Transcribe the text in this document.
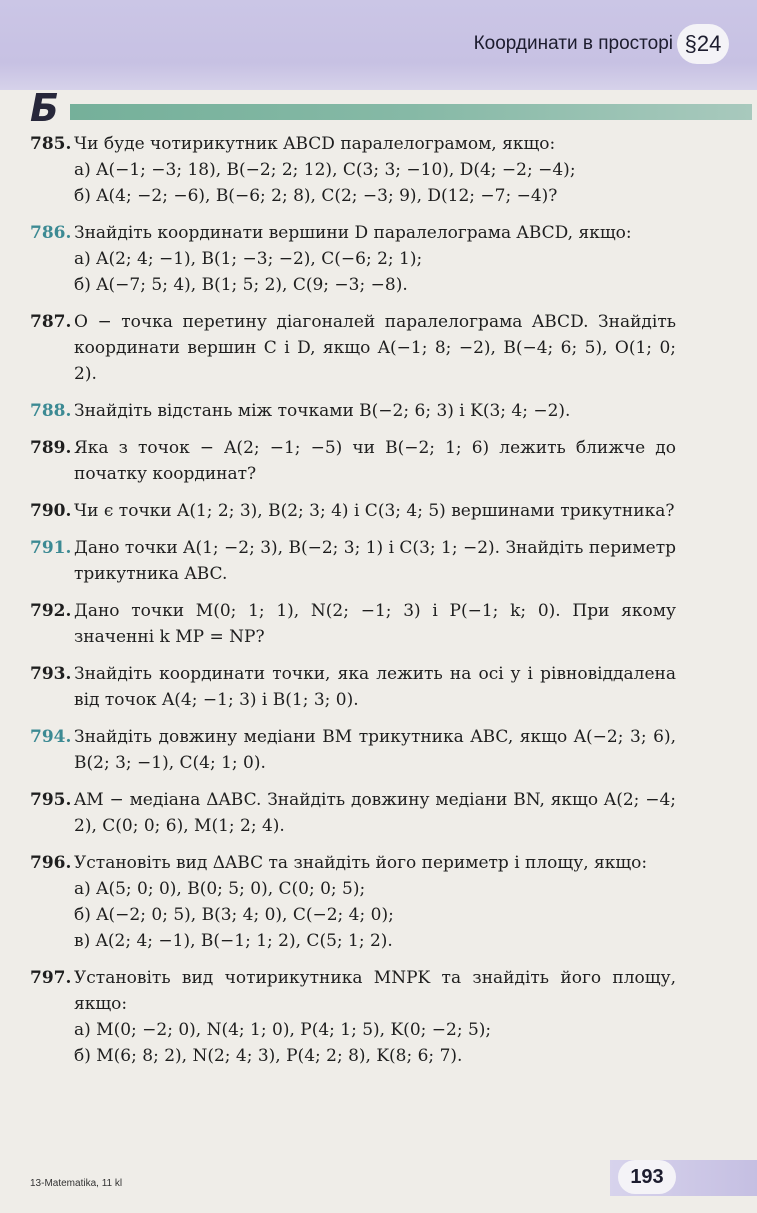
Координати в просторі §24
Б
785. Чи буде чотирикутник ABCD паралелограмом, якщо:
а) A(−1; −3; 18), B(−2; 2; 12), C(3; 3; −10), D(4; −2; −4);
б) A(4; −2; −6), B(−6; 2; 8), C(2; −3; 9), D(12; −7; −4)?
786. Знайдіть координати вершини D паралелограма ABCD, якщо:
а) A(2; 4; −1), B(1; −3; −2), C(−6; 2; 1);
б) A(−7; 5; 4), B(1; 5; 2), C(9; −3; −8).
787. O − точка перетину діагоналей паралелограма ABCD. Знайдіть координати вершин C і D, якщо A(−1; 8; −2), B(−4; 6; 5), O(1; 0; 2).
788. Знайдіть відстань між точками B(−2; 6; 3) і K(3; 4; −2).
789. Яка з точок − A(2; −1; −5) чи B(−2; 1; 6) лежить ближче до початку координат?
790. Чи є точки A(1; 2; 3), B(2; 3; 4) і C(3; 4; 5) вершинами трикутника?
791. Дано точки A(1; −2; 3), B(−2; 3; 1) і C(3; 1; −2). Знайдіть периметр трикутника ABC.
792. Дано точки M(0; 1; 1), N(2; −1; 3) і P(−1; k; 0). При якому значенні k MP = NP?
793. Знайдіть координати точки, яка лежить на осі y і рівновіддалена від точок A(4; −1; 3) і B(1; 3; 0).
794. Знайдіть довжину медіани BM трикутника ABC, якщо A(−2; 3; 6), B(2; 3; −1), C(4; 1; 0).
795. AM − медіана ΔABC. Знайдіть довжину медіани BN, якщо A(2; −4; 2), C(0; 0; 6), M(1; 2; 4).
796. Установіть вид ΔABC та знайдіть його периметр і площу, якщо:
а) A(5; 0; 0), B(0; 5; 0), C(0; 0; 5);
б) A(−2; 0; 5), B(3; 4; 0), C(−2; 4; 0);
в) A(2; 4; −1), B(−1; 1; 2), C(5; 1; 2).
797. Установіть вид чотирикутника MNPK та знайдіть його площу, якщо:
а) M(0; −2; 0), N(4; 1; 0), P(4; 1; 5), K(0; −2; 5);
б) M(6; 8; 2), N(2; 4; 3), P(4; 2; 8), K(8; 6; 7).
13-Matematika, 11 kl	193
